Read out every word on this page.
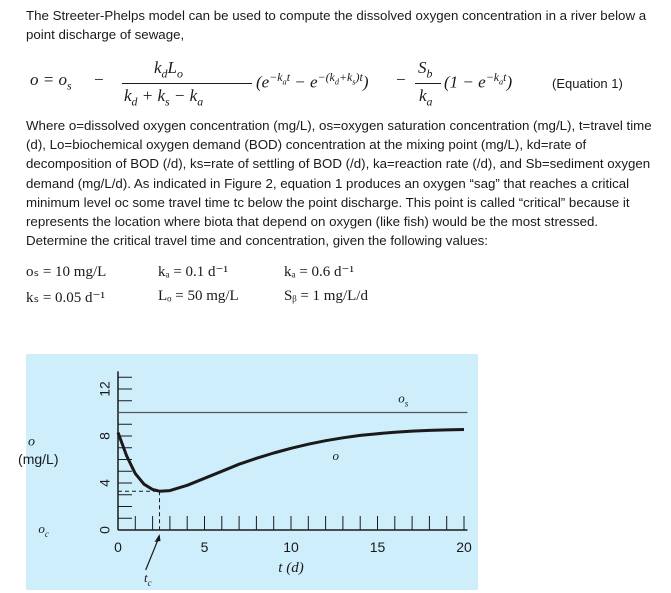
The Streeter-Phelps model can be used to compute the dissolved oxygen concentration in a river below a point discharge of sewage,
$o = o_s$ −
$k_dL_o$
$k_d + k_s - k_a$
$(e^{-k_at} - e^{-(k_d+k_s)t})$ −
$S_b$
$k_a$
$(1 - e^{-k_at})$	(Equation 1)
Where o=dissolved oxygen concentration (mg/L), os=oxygen saturation concentration (mg/L), t=travel time (d), Lo=biochemical oxygen demand (BOD) concentration at the mixing point (mg/L), kd=rate of decomposition of BOD (/d), ks=rate of settling of BOD (/d), ka=reaction rate (/d), and Sb=sediment oxygen demand (mg/L/d). As indicated in Figure 2, equation 1 produces an oxygen “sag” that reaches a critical minimum level oc some travel time tc below the point discharge. This point is called “critical” because it represents the location where biota that depend on oxygen (like fish) would be the most stressed. Determine the critical travel time and concentration, given the following values:
oₛ = 10 mg/L	kₐ = 0.1 d⁻¹	kₐ = 0.6 d⁻¹
kₛ = 0.05 d⁻¹	Lₒ = 50 mg/L	Sᵦ = 1 mg/L/d
0	5	10	15	20
0
4
8
12
$o_s$
o
o
(mg/L)
$o_c$
$t_c$
t (d)
